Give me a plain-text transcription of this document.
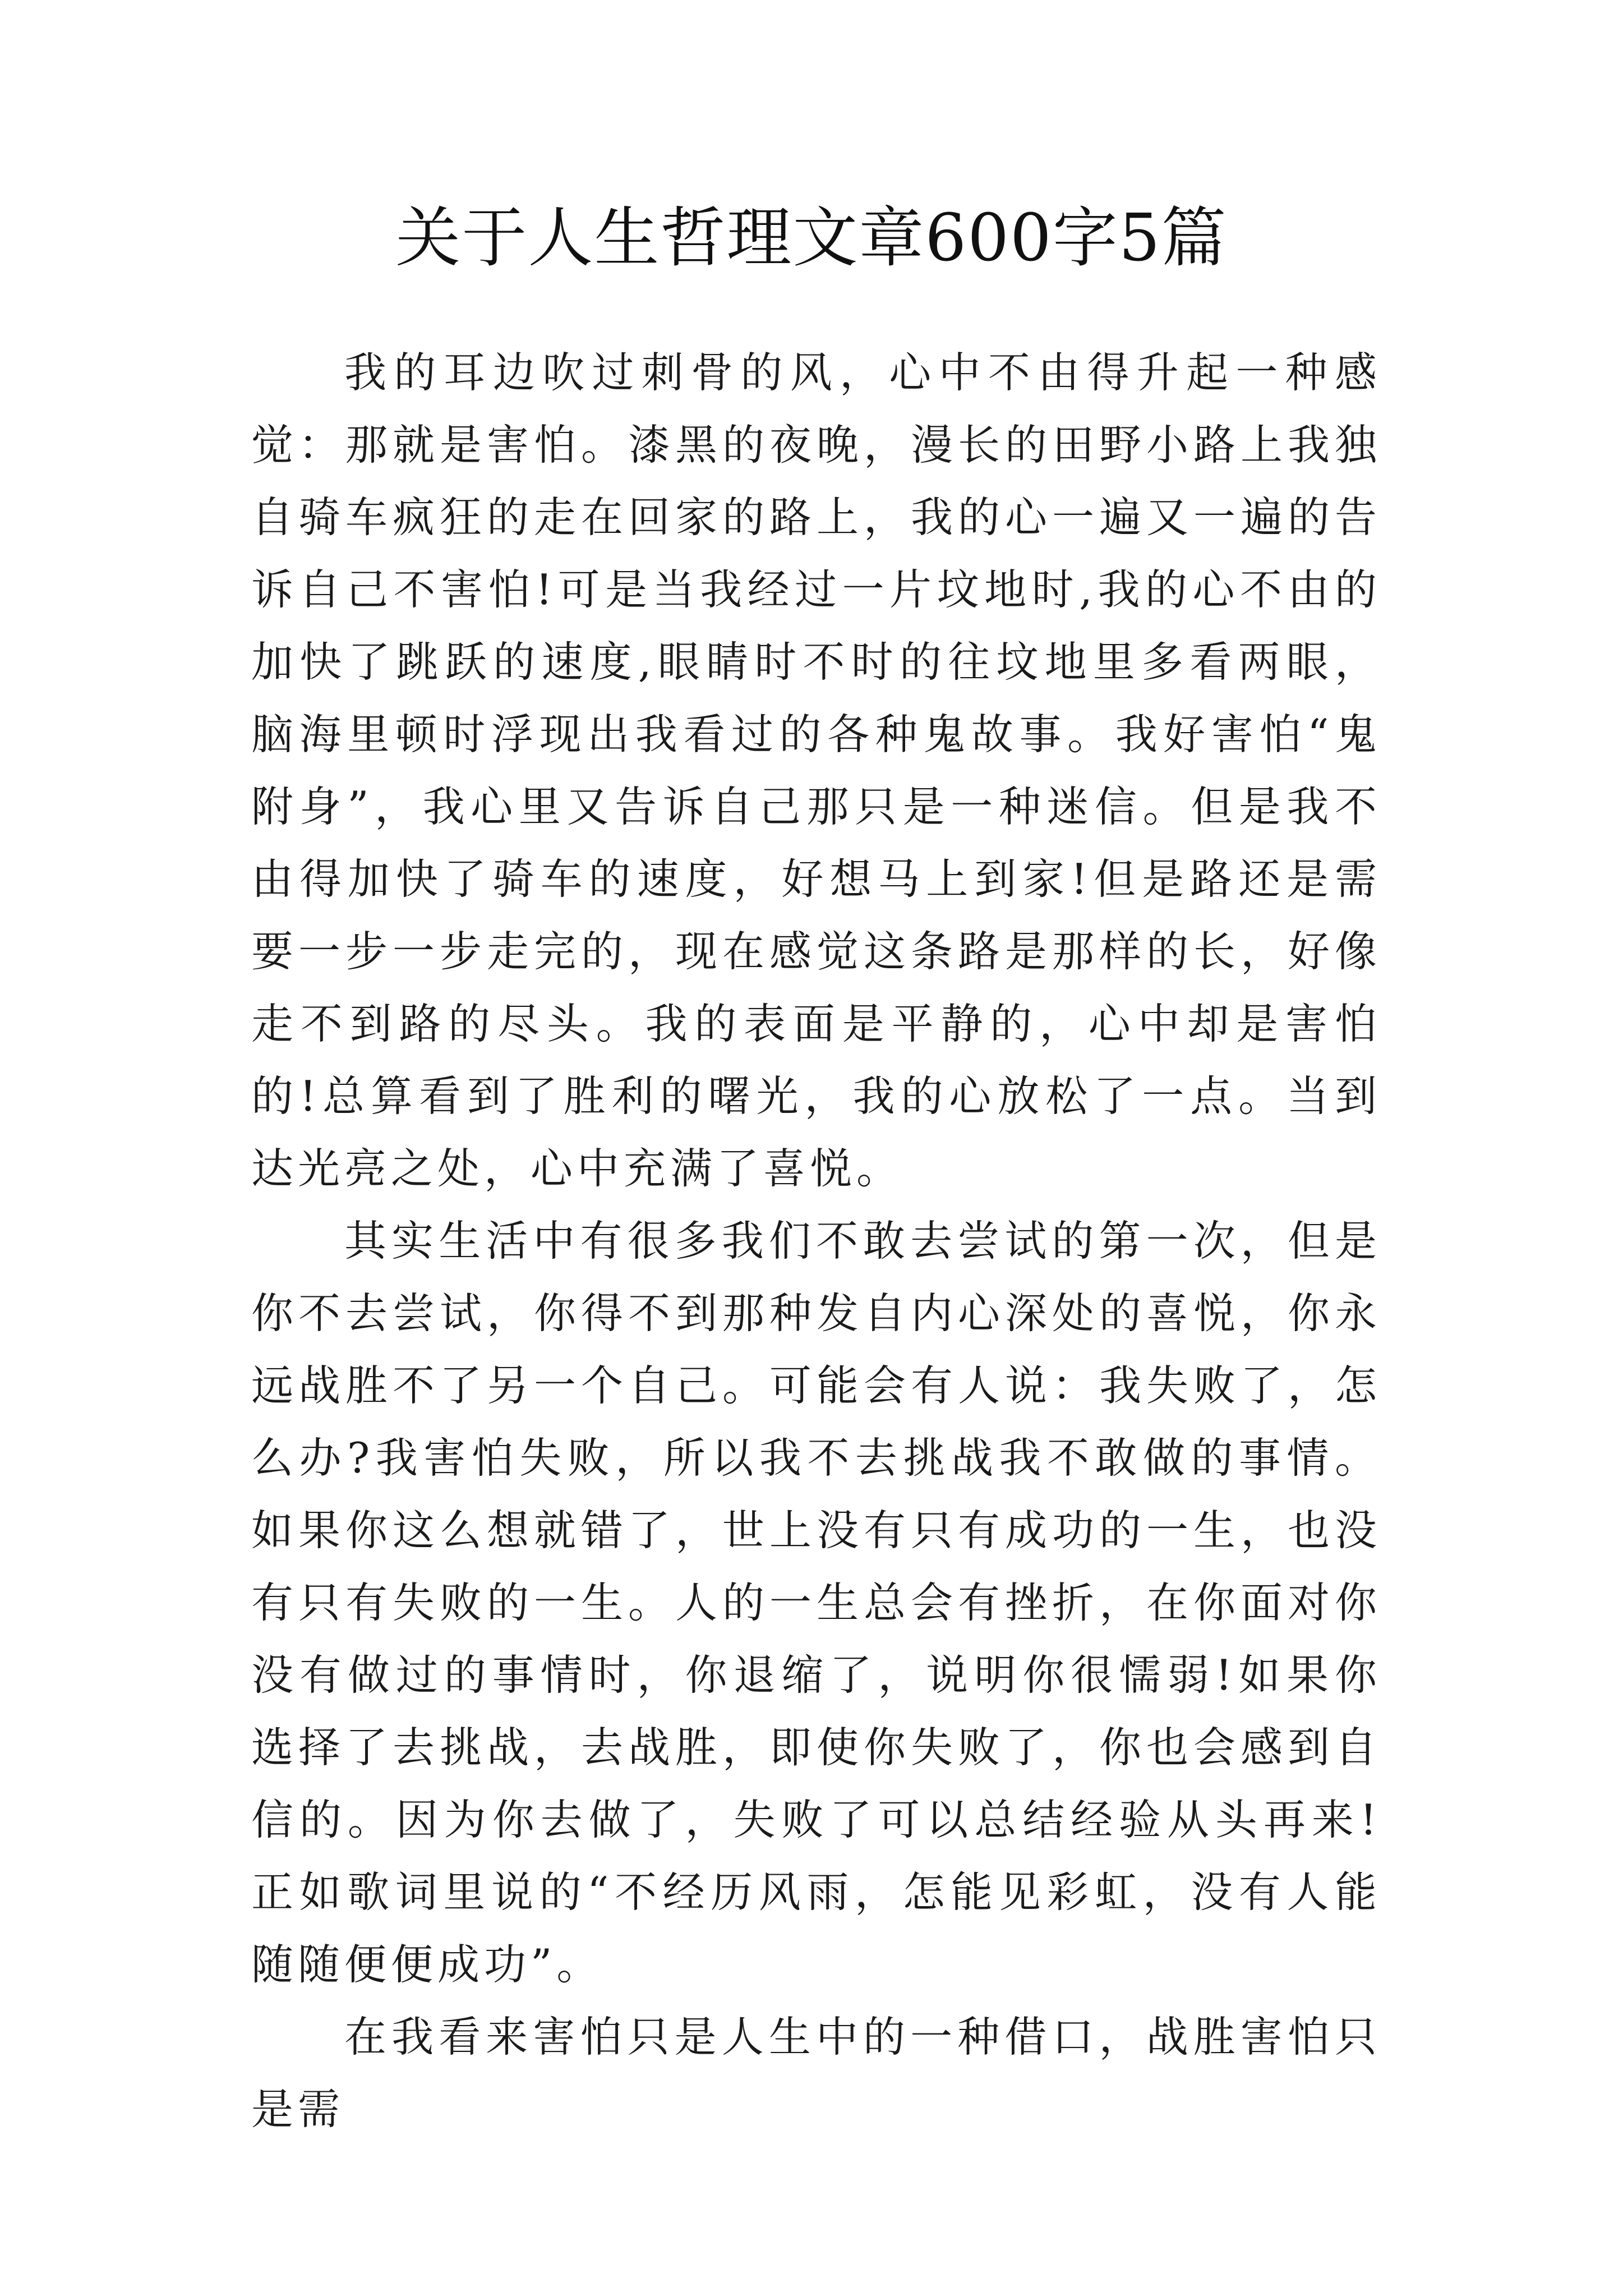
关于人生哲理文章600字5篇

我的耳边吹过刺骨的风，心中不由得升起一种感觉：那就是害怕。漆黑的夜晚，漫长的田野小路上我独自骑车疯狂的走在回家的路上，我的心一遍又一遍的告诉自己不害怕!可是当我经过一片坟地时,我的心不由的加快了跳跃的速度,眼睛时不时的往坟地里多看两眼，脑海里顿时浮现出我看过的各种鬼故事。我好害怕“鬼附身”，我心里又告诉自己那只是一种迷信。但是我不由得加快了骑车的速度，好想马上到家!但是路还是需要一步一步走完的，现在感觉这条路是那样的长，好像走不到路的尽头。我的表面是平静的，心中却是害怕的!总算看到了胜利的曙光，我的心放松了一点。当到达光亮之处，心中充满了喜悦。

其实生活中有很多我们不敢去尝试的第一次，但是你不去尝试，你得不到那种发自内心深处的喜悦，你永远战胜不了另一个自己。可能会有人说：我失败了，怎么办?我害怕失败，所以我不去挑战我不敢做的事情。如果你这么想就错了，世上没有只有成功的一生，也没有只有失败的一生。人的一生总会有挫折，在你面对你没有做过的事情时，你退缩了，说明你很懦弱!如果你选择了去挑战，去战胜，即使你失败了，你也会感到自信的。因为你去做了，失败了可以总结经验从头再来!正如歌词里说的“不经历风雨，怎能见彩虹，没有人能随随便便成功”。

在我看来害怕只是人生中的一种借口，战胜害怕只是需
